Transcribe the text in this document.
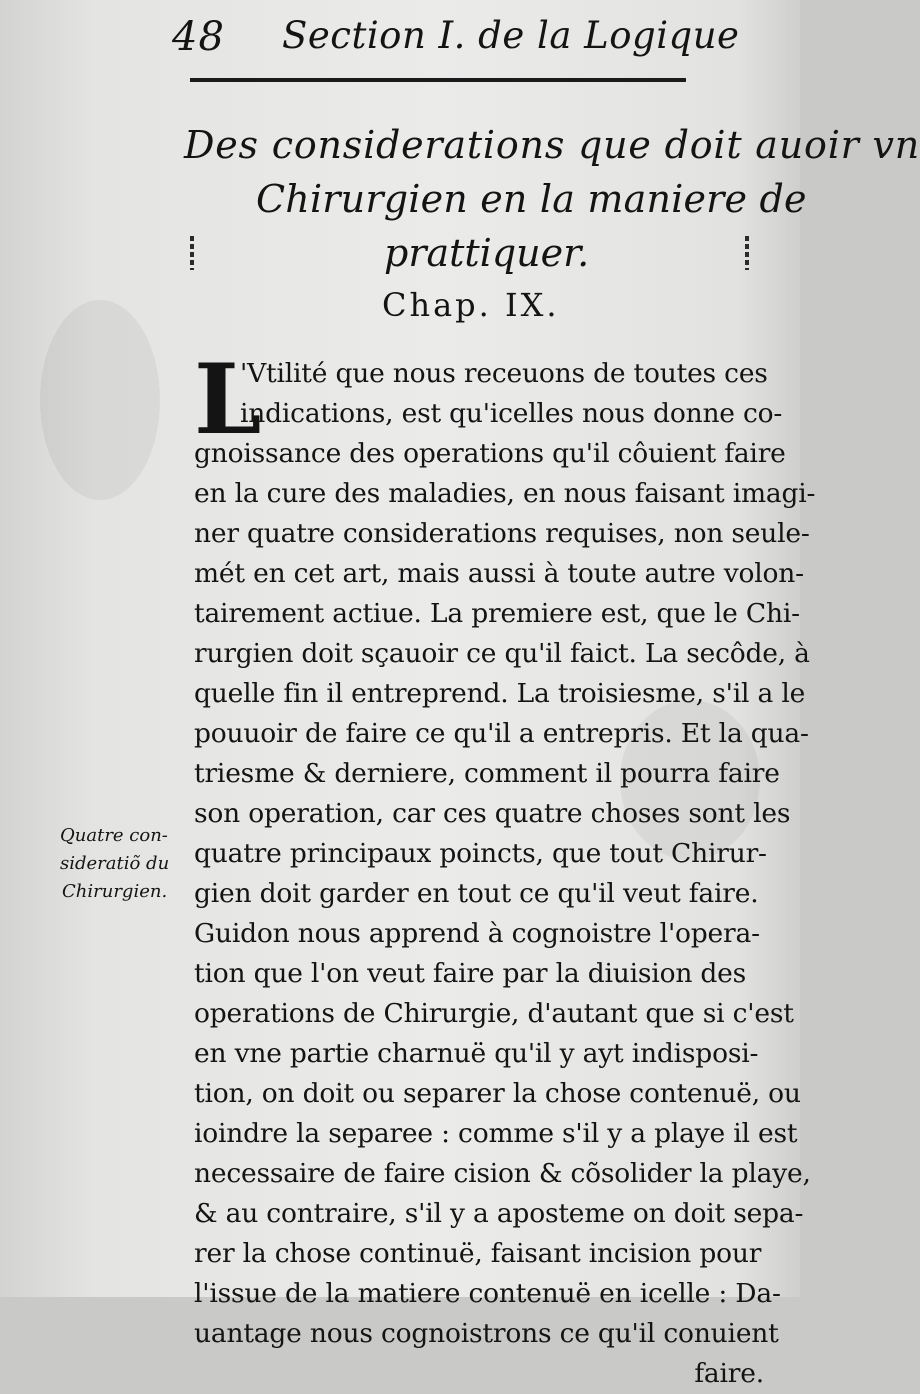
48 Section I. de la Logique
Des considerations que doit auoir vn
Chirurgien en la maniere de
prattiquer.
Chap. IX.
L
'Vtilité que nous receuons de toutes ces
indications, est qu'icelles nous donne co-
gnoissance des operations qu'il côuient faire
en la cure des maladies, en nous faisant imagi-
ner quatre considerations requises, non seule-
mét en cet art, mais aussi à toute autre volon-
tairement actiue. La premiere est, que le Chi-
rurgien doit sçauoir ce qu'il faict. La secôde, à
quelle fin il entreprend. La troisiesme, s'il a le
pouuoir de faire ce qu'il a entrepris. Et la qua-
triesme & derniere, comment il pourra faire
son operation, car ces quatre choses sont les
quatre principaux poincts, que tout Chirur-
gien doit garder en tout ce qu'il veut faire.
Guidon nous apprend à cognoistre l'opera-
tion que l'on veut faire par la diuision des
operations de Chirurgie, d'autant que si c'est
en vne partie charnuë qu'il y ayt indisposi-
tion, on doit ou separer la chose contenuë, ou
ioindre la separee : comme s'il y a playe il est
necessaire de faire cision & cõsolider la playe,
& au contraire, s'il y a aposteme on doit sepa-
rer la chose continuë, faisant incision pour
l'issue de la matiere contenuë en icelle : Da-
uantage nous cognoistrons ce qu'il conuient
faire.
Quatre con-
sideratiõ du
Chirurgien.
